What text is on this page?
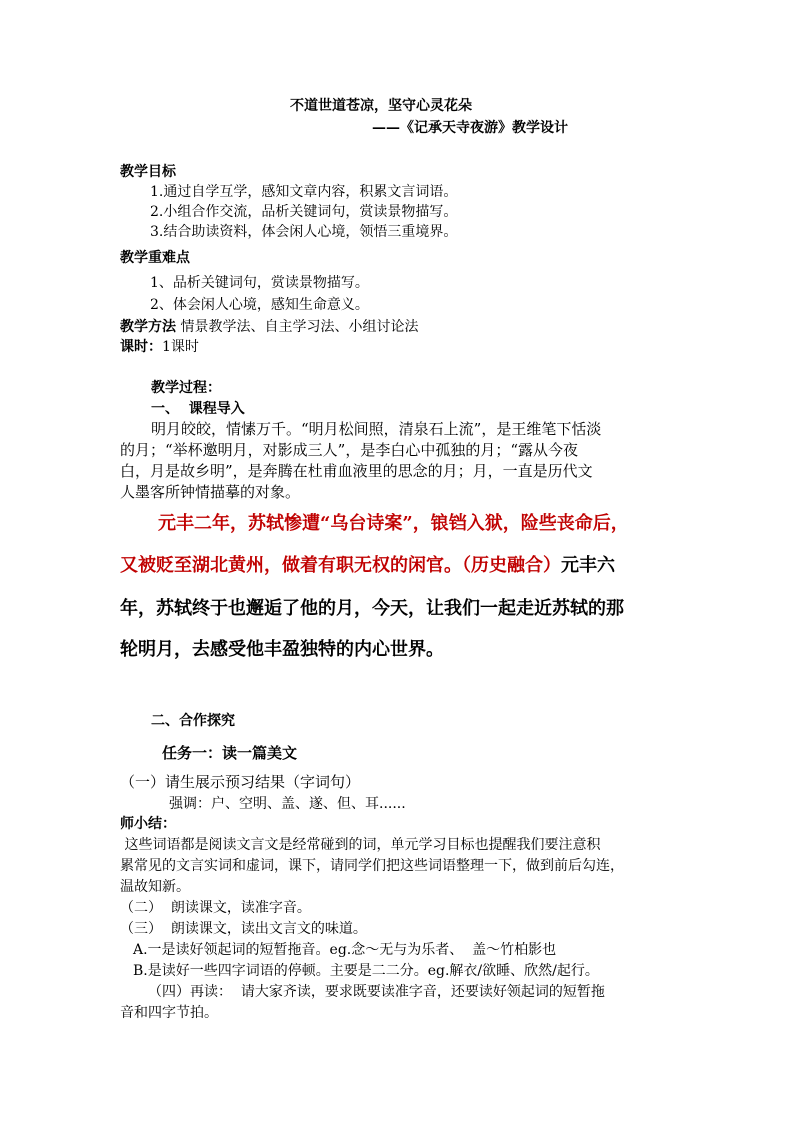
不道世道苍凉，坚守心灵花朵
——《记承天寺夜游》教学设计
教学目标
1.通过自学互学，感知文章内容，积累文言词语。
2.小组合作交流，品析关键词句，赏读景物描写。
3.结合助读资料，体会闲人心境，领悟三重境界。
教学重难点
1、品析关键词句，赏读景物描写。
2、体会闲人心境，感知生命意义。
教学方法 情景教学法、自主学习法、小组讨论法
课时：1课时
教学过程：
一、  课程导入
明月皎皎，情愫万千。“明月松间照，清泉石上流”，是王维笔下恬淡
的月；“举杯邀明月，对影成三人”，是李白心中孤独的月；“露从今夜
白，月是故乡明”，是奔腾在杜甫血液里的思念的月；月，一直是历代文
人墨客所钟情描摹的对象。
元丰二年，苏轼惨遭“乌台诗案”，锒铛入狱，险些丧命后，
又被贬至湖北黄州，做着有职无权的闲官。（历史融合）元丰六
年，苏轼终于也邂逅了他的月，今天，让我们一起走近苏轼的那
轮明月，去感受他丰盈独特的内心世界。
二、合作探究
任务一：读一篇美文
（一）请生展示预习结果（字词句）
强调：户、空明、盖、遂、但、耳......
师小结：
这些词语都是阅读文言文是经常碰到的词，单元学习目标也提醒我们要注意积
累常见的文言实词和虚词，课下，请同学们把这些词语整理一下，做到前后勾连，
温故知新。
（二）  朗读课文，读准字音。
（三）  朗读课文，读出文言文的味道。
A.一是读好领起词的短暂拖音。eg.念～无与为乐者、  盖～竹柏影也
B.是读好一些四字词语的停顿。主要是二二分。eg.解衣/欲睡、欣然/起行。
（四）再读：  请大家齐读，要求既要读准字音，还要读好领起词的短暂拖
音和四字节拍。
